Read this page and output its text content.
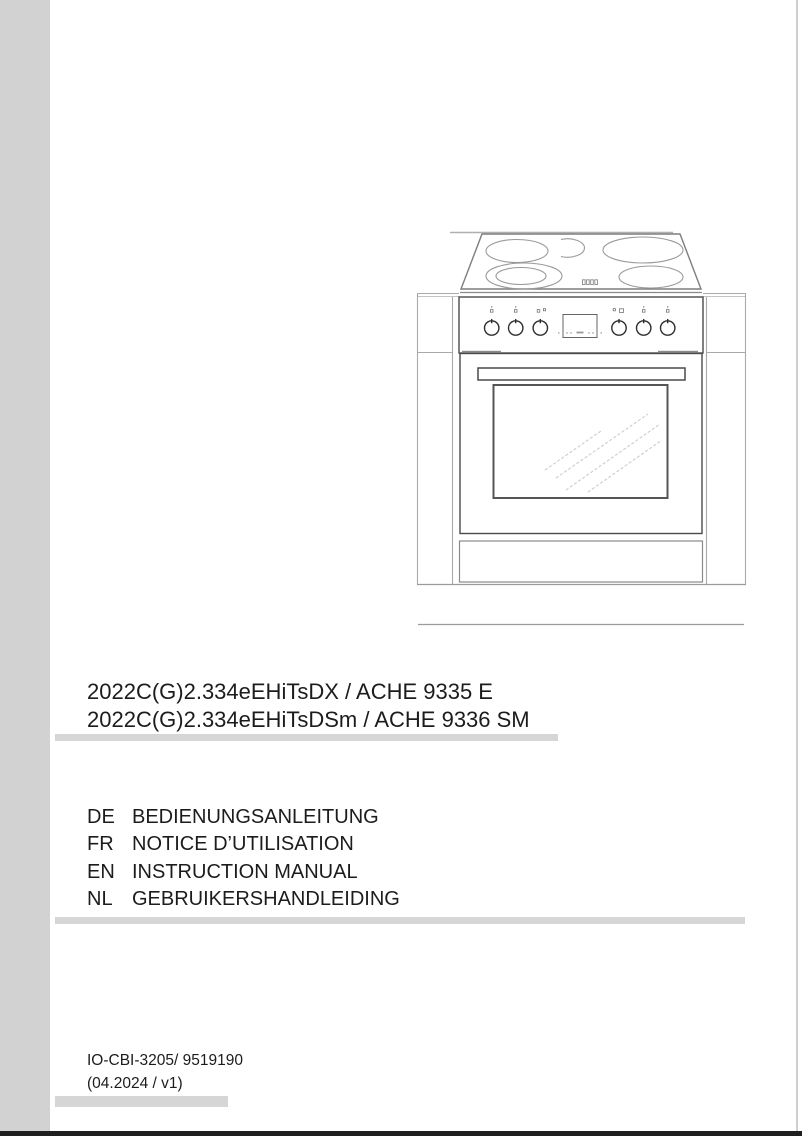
2022C(G)2.334eEHiTsDX / ACHE 9335 E
2022C(G)2.334eEHiTsDSm / ACHE 9336 SM
DE BEDIENUNGSANLEITUNG
FR NOTICE D’UTILISATION
EN INSTRUCTION MANUAL
NL GEBRUIKERSHANDLEIDING
IO-CBI-3205/ 9519190
(04.2024 / v1)
